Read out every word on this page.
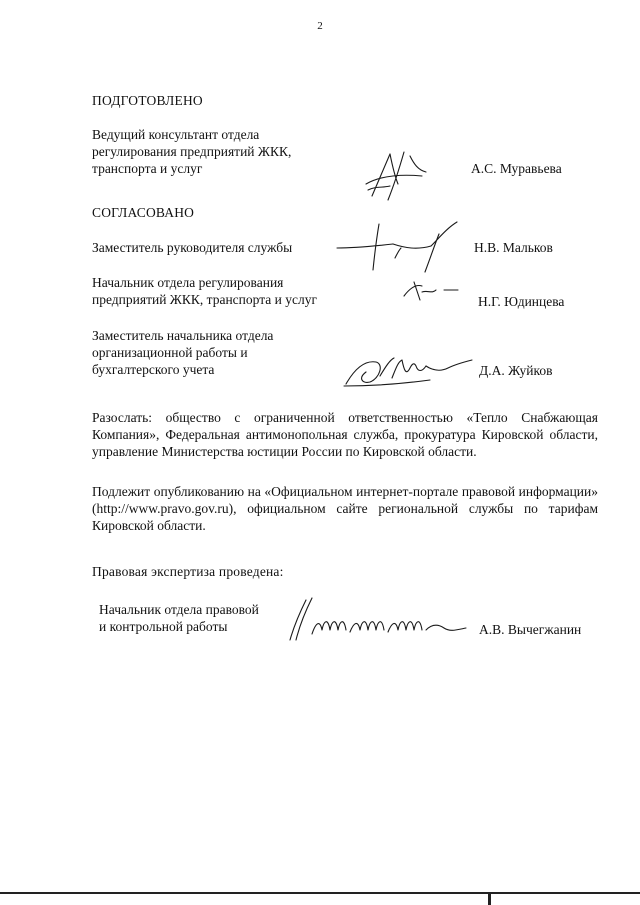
2
ПОДГОТОВЛЕНО
Ведущий консультант отдела
регулирования предприятий ЖКК,
транспорта и услуг	А.С. Муравьева
СОГЛАСОВАНО
Заместитель руководителя службы	Н.В. Мальков
Начальник отдела регулирования
предприятий ЖКК, транспорта и услуг	Н.Г. Юдинцева
Заместитель начальника отдела
организационной работы и
бухгалтерского учета	Д.А. Жуйков
Разослать: общество с ограниченной ответственностью «Тепло Снабжающая Компания», Федеральная антимонопольная служба, прокуратура Кировской области, управление Министерства юстиции России по Кировской области.
Подлежит опубликованию на «Официальном интернет-портале правовой информации» (http://www.pravo.gov.ru), официальном сайте региональной службы по тарифам Кировской области.
Правовая экспертиза проведена:
Начальник отдела правовой
и контрольной работы	А.В. Вычегжанин
